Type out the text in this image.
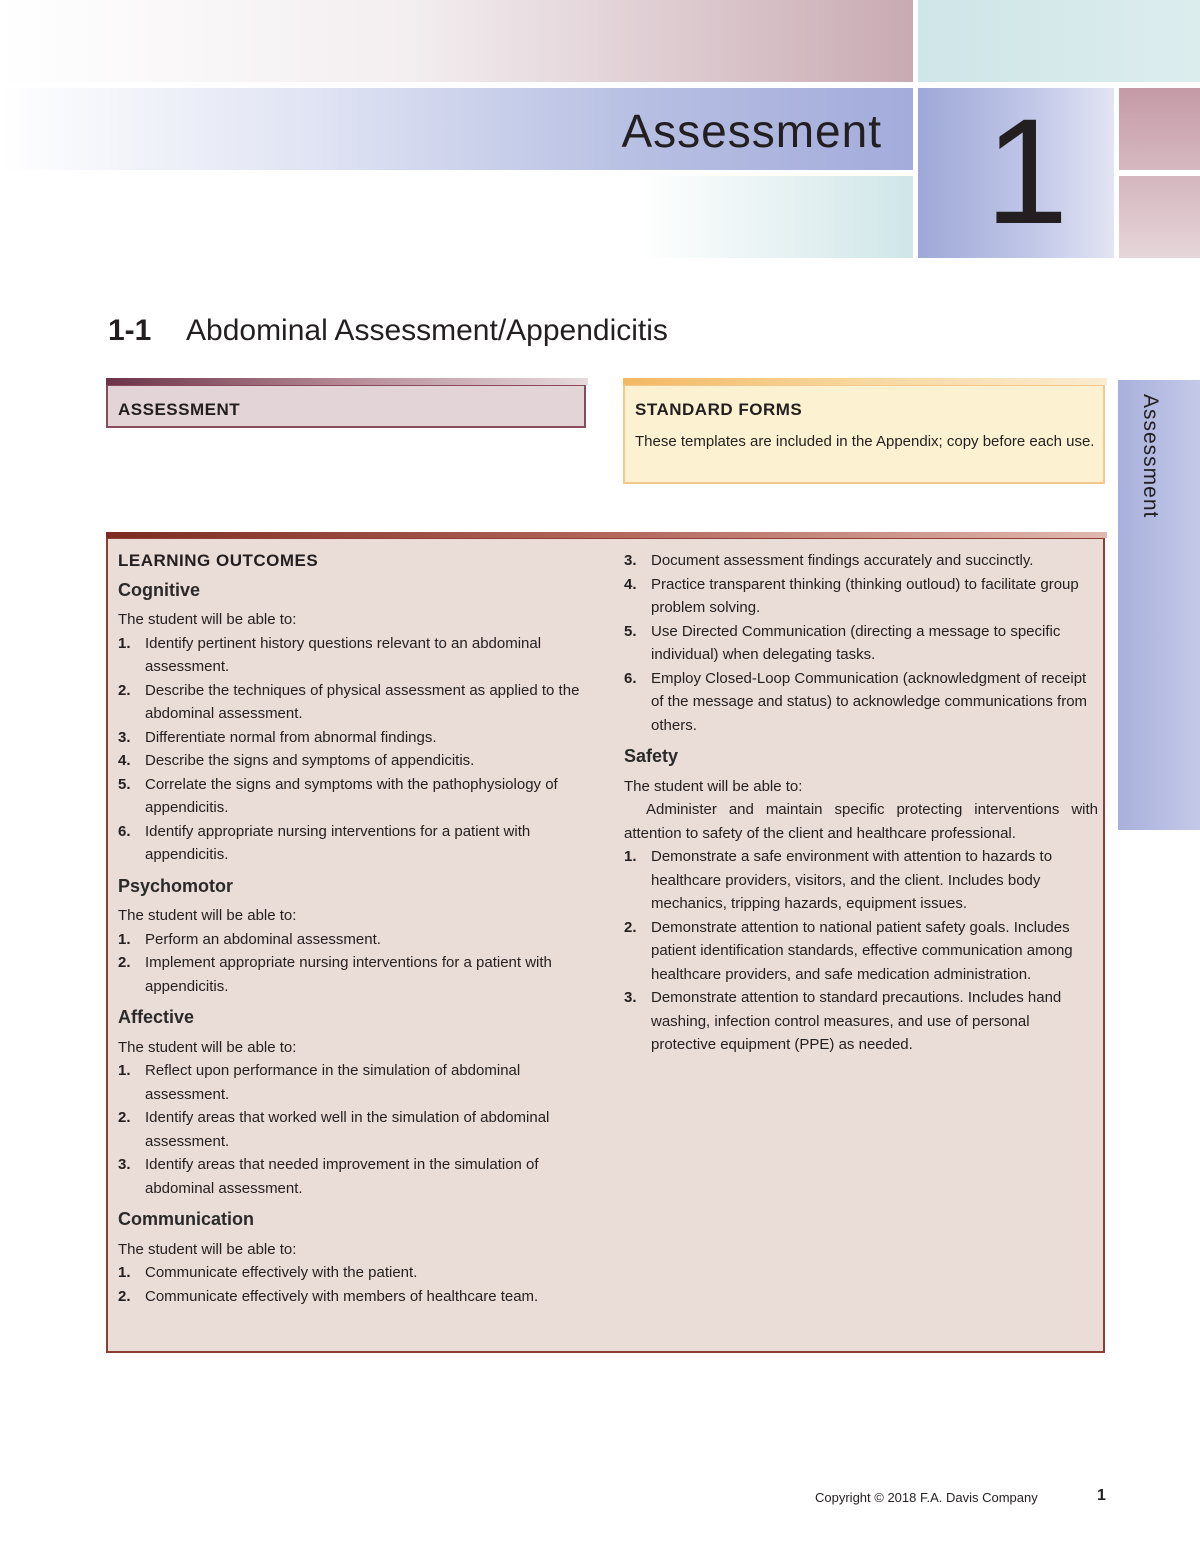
Assessment 1
Assessment
1-1 Abdominal Assessment/Appendicitis
ASSESSMENT	STANDARD FORMS
These templates are included in the Appendix; copy before each use.
LEARNING OUTCOMES
Cognitive

The student will be able to:

1. Identify pertinent history questions relevant to an abdominal assessment.
2. Describe the techniques of physical assessment as applied to the abdominal assessment.
3. Differentiate normal from abnormal findings.
4. Describe the signs and symptoms of appendicitis.
5. Correlate the signs and symptoms with the pathophysiology of appendicitis.
6. Identify appropriate nursing interventions for a patient with appendicitis.
Psychomotor

The student will be able to:

1. Perform an abdominal assessment.
2. Implement appropriate nursing interventions for a patient with appendicitis.
Affective

The student will be able to:

1. Reflect upon performance in the simulation of abdominal assessment.
2. Identify areas that worked well in the simulation of abdominal assessment.
3. Identify areas that needed improvement in the simulation of abdominal assessment.
Communication

The student will be able to:

1. Communicate effectively with the patient.
2. Communicate effectively with members of healthcare team.
3. Document assessment findings accurately and succinctly.
4. Practice transparent thinking (thinking outloud) to facilitate group problem solving.
5. Use Directed Communication (directing a message to specific individual) when delegating tasks.
6. Employ Closed-Loop Communication (acknowledgment of receipt of the message and status) to acknowledge communications from others.
Safety

The student will be able to:

Administer and maintain specific protecting interventions with attention to safety of the client and healthcare professional.

1. Demonstrate a safe environment with attention to hazards to healthcare providers, visitors, and the client. Includes body mechanics, tripping hazards, equipment issues.
2. Demonstrate attention to national patient safety goals. Includes patient identification standards, effective communication among healthcare providers, and safe medication administration.
3. Demonstrate attention to standard precautions. Includes hand washing, infection control measures, and use of personal protective equipment (PPE) as needed.
Copyright © 2018 F.A. Davis Company	1
